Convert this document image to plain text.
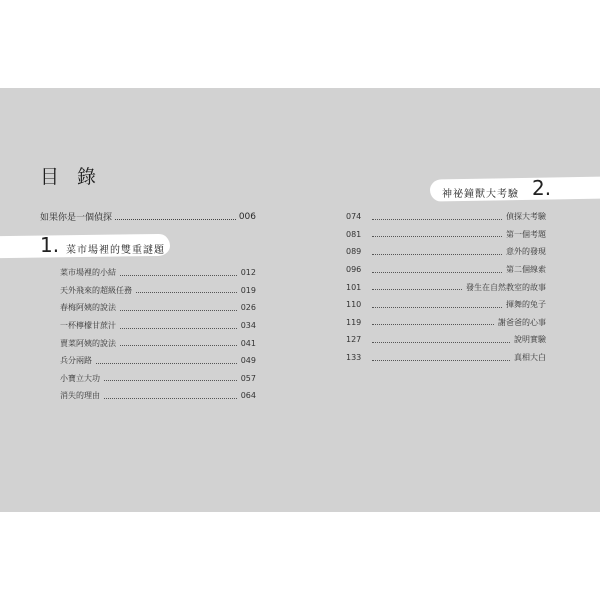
目 錄
如果你是一個偵探	006
1. 菜市場裡的雙重謎題
菜市場裡的小結	012
天外飛來的超級任務	019
春梅阿姨的說法	026
一杯檸檬甘蔗汁	034
賣菜阿姨的說法	041
兵分兩路	049
小寶立大功	057
消失的理由	064
神祕鐘獸大考驗 2.
074	偵探大考驗
081	第一個考題
089	意外的發現
096	第二個線索
101	發生在自然教室的故事
110	揮舞的兔子
119	謝爸爸的心事
127	說明實驗
133	真相大白
